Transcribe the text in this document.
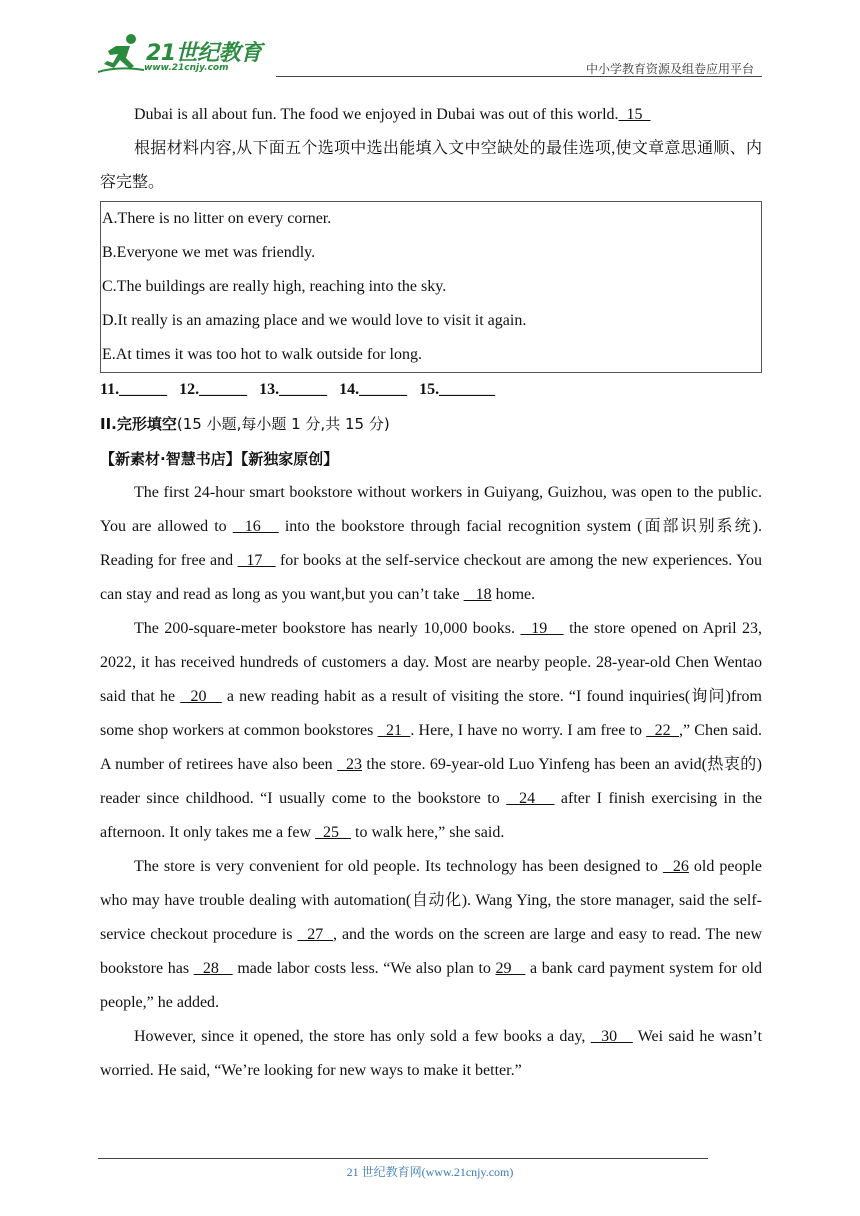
21世纪教育
www.21cnjy.com	中小学教育资源及组卷应用平台
Dubai is all about fun. The food we enjoyed in Dubai was out of this world.  15
根据材料内容,从下面五个选项中选出能填入文中空缺处的最佳选项,使文章意思通顺、内容完整。
A.There is no litter on every corner.
B.Everyone we met was friendly.
C.The buildings are really high, reaching into the sky.
D.It really is an amazing place and we would love to visit it again.
E.At times it was too hot to walk outside for long.
11.______  12.______  13.______  14.______  15._______
II.完形填空(15 小题,每小题 1 分,共 15 分)
【新素材·智慧书店】【新独家原创】
The first 24-hour smart bookstore without workers in Guiyang, Guizhou, was open to the public. You are allowed to   16    into the bookstore through facial recognition system (面部识别系统). Reading for free and   17    for books at the self-service checkout are among the new experiences. You can stay and read as long as you want,but you can’t take    18 home.
The 200-square-meter bookstore has nearly 10,000 books.   19    the store opened on April 23, 2022, it has received hundreds of customers a day. Most are nearby people. 28-year-old Chen Wentao said that he   20    a new reading habit as a result of visiting the store. “I found inquiries(询问)from some shop workers at common bookstores   21  . Here, I have no worry. I am free to   22  ,” Chen said. A number of retirees have also been   23 the store. 69-year-old Luo Yinfeng has been an avid(热衷的) reader since childhood. “I usually come to the bookstore to   24    after I finish exercising in the afternoon. It only takes me a few   25    to walk here,” she said.
The store is very convenient for old people. Its technology has been designed to   26 old people who may have trouble dealing with automation(自动化). Wang Ying, the store manager, said the self-service checkout procedure is   27  , and the words on the screen are large and easy to read. The new bookstore has   28    made labor costs less. “We also plan to 29    a bank card payment system for old people,” he added.
However, since it opened, the store has only sold a few books a day,   30    Wei said he wasn’t worried. He said, “We’re looking for new ways to make it better.”
21 世纪教育网(www.21cnjy.com)
